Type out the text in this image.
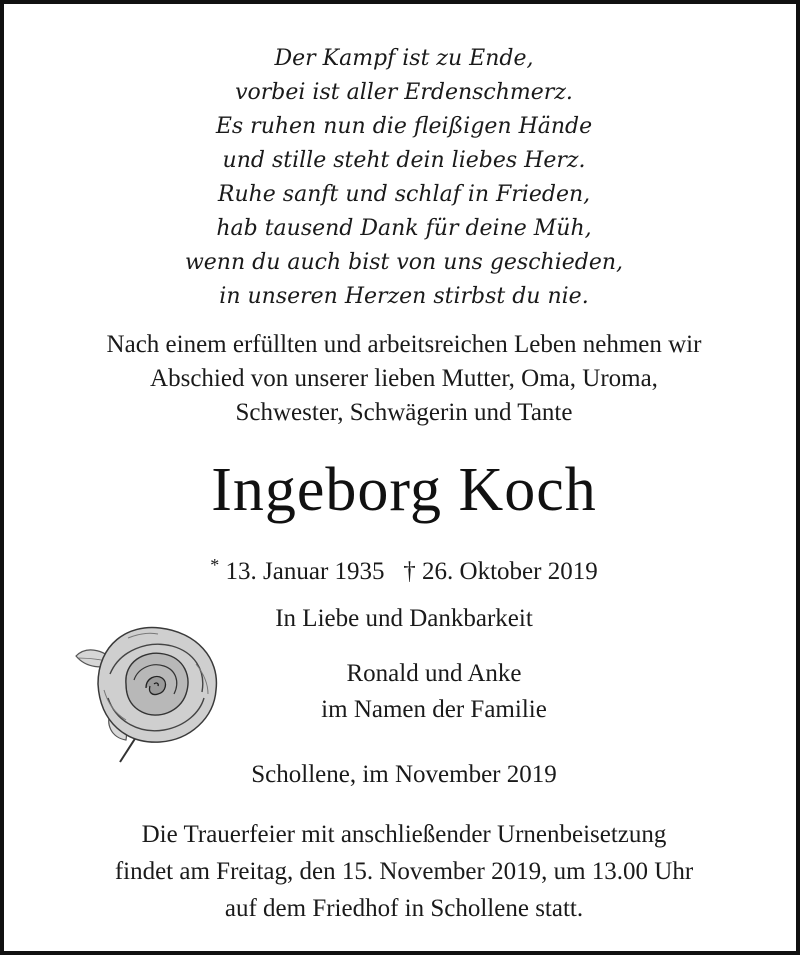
Der Kampf ist zu Ende,
vorbei ist aller Erdenschmerz.
Es ruhen nun die fleißigen Hände
und stille steht dein liebes Herz.
Ruhe sanft und schlaf in Frieden,
hab tausend Dank für deine Müh,
wenn du auch bist von uns geschieden,
in unseren Herzen stirbst du nie.
Nach einem erfüllten und arbeitsreichen Leben nehmen wir
Abschied von unserer lieben Mutter, Oma, Uroma,
Schwester, Schwägerin und Tante
Ingeborg Koch
* 13. Januar 1935 † 26. Oktober 2019
In Liebe und Dankbarkeit
Ronald und Anke
im Namen der Familie
Schollene, im November 2019
Die Trauerfeier mit anschließender Urnenbeisetzung
findet am Freitag, den 15. November 2019, um 13.00 Uhr
auf dem Friedhof in Schollene statt.
